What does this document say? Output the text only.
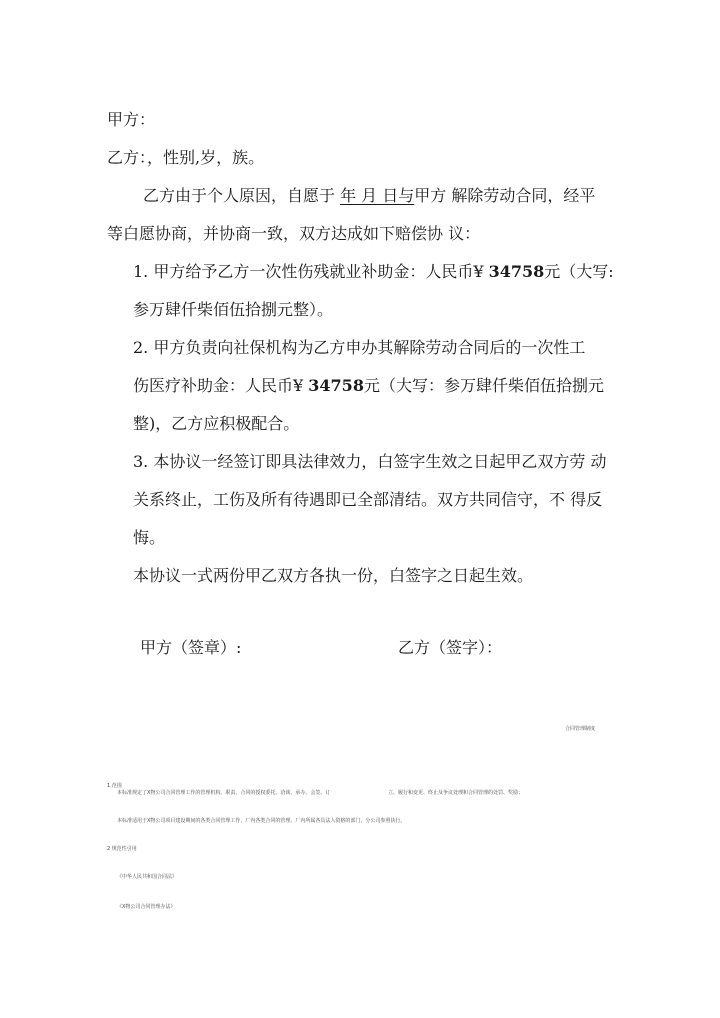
甲方：
乙方：，性别,岁，族。
乙方由于个人原因，自愿于 年 月 日与甲方 解除劳动合同，经平
等白愿协商，并协商一致，双方达成如下赔偿协 议：
1. 甲方给予乙方一次性伤残就业补助金：人民币¥ 34758元（大写:
参万肆仟柴佰伍拾捌元整）。
2. 甲方负责向社保机构为乙方申办其解除劳动合同后的一次性工
伤医疗补助金：人民币¥ 34758元（大写：参万肆仟柴佰伍拾捌元
整)，乙方应积极配合。
3. 本协议一经签订即具法律效力，白签字生效之日起甲乙双方劳 动
关系终止，工伤及所有待遇即已全部清结。双方共同信守，不 得反
悔。
本协议一式两份甲乙双方各执一份，白签字之日起生效。
甲方（签章）:	乙方（签字）：
合同管理制度
1 范围
本标准规定了X物公司合同管理工作的管理机构、职责、合同的授权委托、洽谈、承办、会签、订	立、履行和变更、终止及争议处理和合同管理的处罚、奖励；
本标准适用于X物公司项目建设期间的各类合同管理工作，厂内各类合同的管理、厂内所属各具法人资格的部门，分公司参照执行。
2 规范性引用
《中华人民共和国合同法》
《X物公司合同管理办法》
